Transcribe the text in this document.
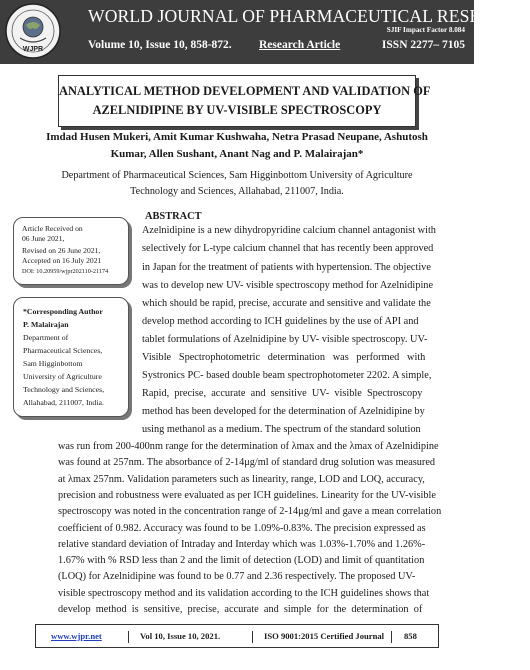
WJPR
WORLD JOURNAL OF PHARMACEUTICAL RESEARCH
SJIF Impact Factor 8.084
Volume 10, Issue 10, 858-872. Research Article	ISSN 2277– 7105
ANALYTICAL METHOD DEVELOPMENT AND VALIDATION OF
AZELNIDIPINE BY UV-VISIBLE SPECTROSCOPY
Imdad Husen Mukeri, Amit Kumar Kushwaha, Netra Prasad Neupane, Ashutosh
Kumar, Allen Sushant, Anant Nag and P. Malairajan*
Department of Pharmaceutical Sciences, Sam Higginbottom University of Agriculture
Technology and Sciences, Allahabad, 211007, India.
Article Received on
06 June 2021,
Revised on 26 June 2021,
Accepted on 16 July 2021
DOI: 10.20959/wjpr202110-21174
*Corresponding Author
P. Malairajan
Department of
Pharmaceutical Sciences,
Sam Higginbottom
University of Agriculture
Technology and Sciences,
Allahabad, 211007, India.
ABSTRACT
Azelnidipine is a new dihydropyridine calcium channel antagonist with
selectively for L-type calcium channel that has recently been approved
in Japan for the treatment of patients with hypertension. The objective
was to develop new UV- visible spectroscopy method for Azelnidipine
which should be rapid, precise, accurate and sensitive and validate the
develop method according to ICH guidelines by the use of API and
tablet formulations of Azelnidipine by UV- visible spectroscopy. UV-
Visible   Spectrophotometric   determination   was   performed   with
Systronics PC- based double beam spectrophotometer 2202. A simple,
Rapid,  precise,  accurate  and  sensitive  UV-  visible  Spectroscopy
method has been developed for the determination of Azelnidipine by
using methanol as a medium. The spectrum of the standard solution
was run from 200-400nm range for the determination of λmax and the λmax of Azelnidipine
was found at 257nm. The absorbance of 2-14μg/ml of standard drug solution was measured
at λmax 257nm. Validation parameters such as linearity, range, LOD and LOQ, accuracy,
precision and robustness were evaluated as per ICH guidelines. Linearity for the UV-visible
spectroscopy was noted in the concentration range of 2-14μg/ml and gave a mean correlation
coefficient of 0.982. Accuracy was found to be 1.09%-0.83%. The precision expressed as
relative standard deviation of Intraday and Interday which was 1.03%-1.70% and 1.26%-
1.67% with % RSD less than 2 and the limit of detection (LOD) and limit of quantitation
(LOQ) for Azelnidipine was found to be 0.77 and 2.36 respectively. The proposed UV-
visible spectroscopy method and its validation according to the ICH guidelines shows that
www.wjpr.net	Vol 10, Issue 10, 2021.	ISO 9001:2015 Certified Journal 858
develop  method  is  sensitive,  precise,  accurate  and  simple  for  the  determination  of
